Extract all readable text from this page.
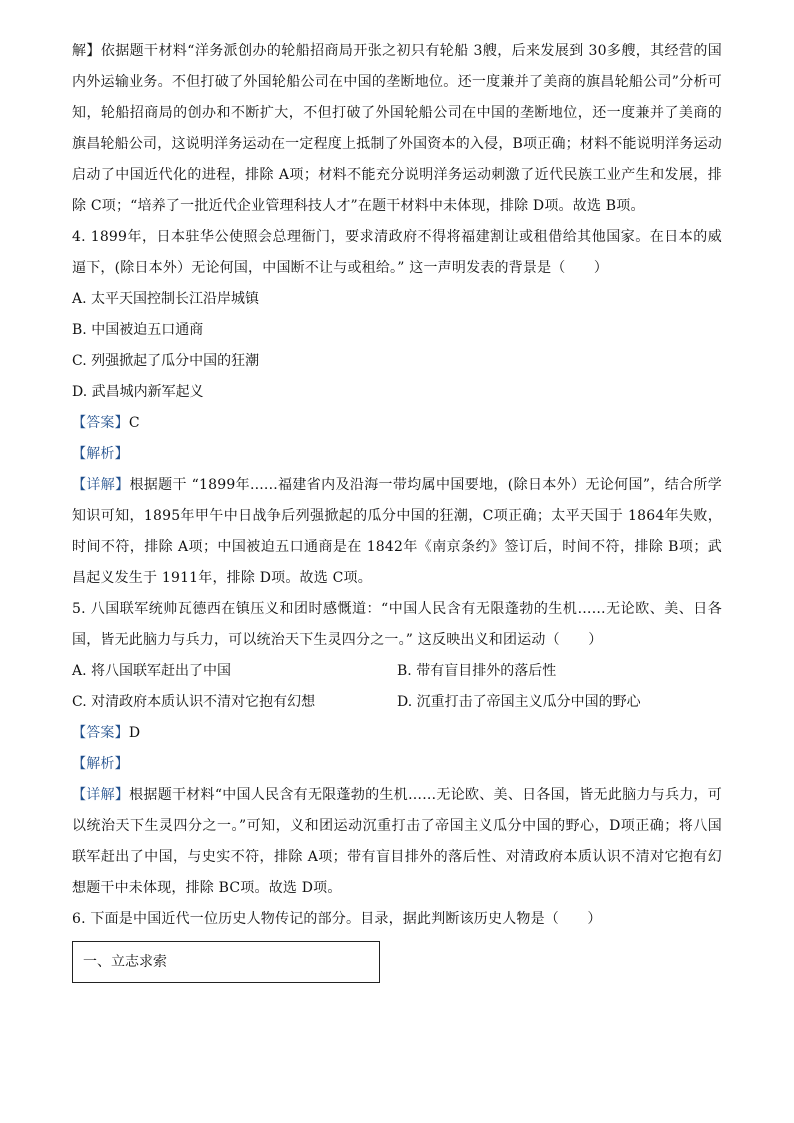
解】依据题干材料“洋务派创办的轮船招商局开张之初只有轮船 3艘，后来发展到 30多艘，其经营的国内外运输业务。不但打破了外国轮船公司在中国的垄断地位。还一度兼并了美商的旗昌轮船公司”分析可知，轮船招商局的创办和不断扩大，不但打破了外国轮船公司在中国的垄断地位，还一度兼并了美商的旗昌轮船公司，这说明洋务运动在一定程度上抵制了外国资本的入侵，B项正确；材料不能说明洋务运动启动了中国近代化的进程，排除 A项；材料不能充分说明洋务运动刺激了近代民族工业产生和发展，排除 C项；“培养了一批近代企业管理科技人才”在题干材料中未体现，排除 D项。故选 B项。

4. 1899年，日本驻华公使照会总理衙门，要求清政府不得将福建割让或租借给其他国家。在日本的威逼下，(除日本外）无论何国，中国断不让与或租给。” 这一声明发表的背景是（　　）

A. 太平天国控制长江沿岸城镇

B. 中国被迫五口通商

C. 列强掀起了瓜分中国的狂潮

D. 武昌城内新军起义

【答案】C

【解析】

【详解】根据题干 “1899年......福建省内及沿海一带均属中国要地，(除日本外）无论何国”，结合所学知识可知，1895年甲午中日战争后列强掀起的瓜分中国的狂潮，C项正确；太平天国于 1864年失败，时间不符，排除 A项；中国被迫五口通商是在 1842年《南京条约》签订后，时间不符，排除 B项；武昌起义发生于 1911年，排除 D项。故选 C项。

5. 八国联军统帅瓦德西在镇压义和团时感慨道：“中国人民含有无限蓬勃的生机……无论欧、美、日各国，皆无此脑力与兵力，可以统治天下生灵四分之一。” 这反映出义和团运动（　　）

A. 将八国联军赶出了中国	B. 带有盲目排外的落后性
C. 对清政府本质认识不清对它抱有幻想	D. 沉重打击了帝国主义瓜分中国的野心

【答案】D

【解析】

【详解】根据题干材料“中国人民含有无限蓬勃的生机……无论欧、美、日各国，皆无此脑力与兵力，可以统治天下生灵四分之一。”可知，义和团运动沉重打击了帝国主义瓜分中国的野心，D项正确；将八国联军赶出了中国，与史实不符，排除 A项；带有盲目排外的落后性、对清政府本质认识不清对它抱有幻想题干中未体现，排除 BC项。故选 D项。

6. 下面是中国近代一位历史人物传记的部分。目录，据此判断该历史人物是（　　）

一、立志求索
